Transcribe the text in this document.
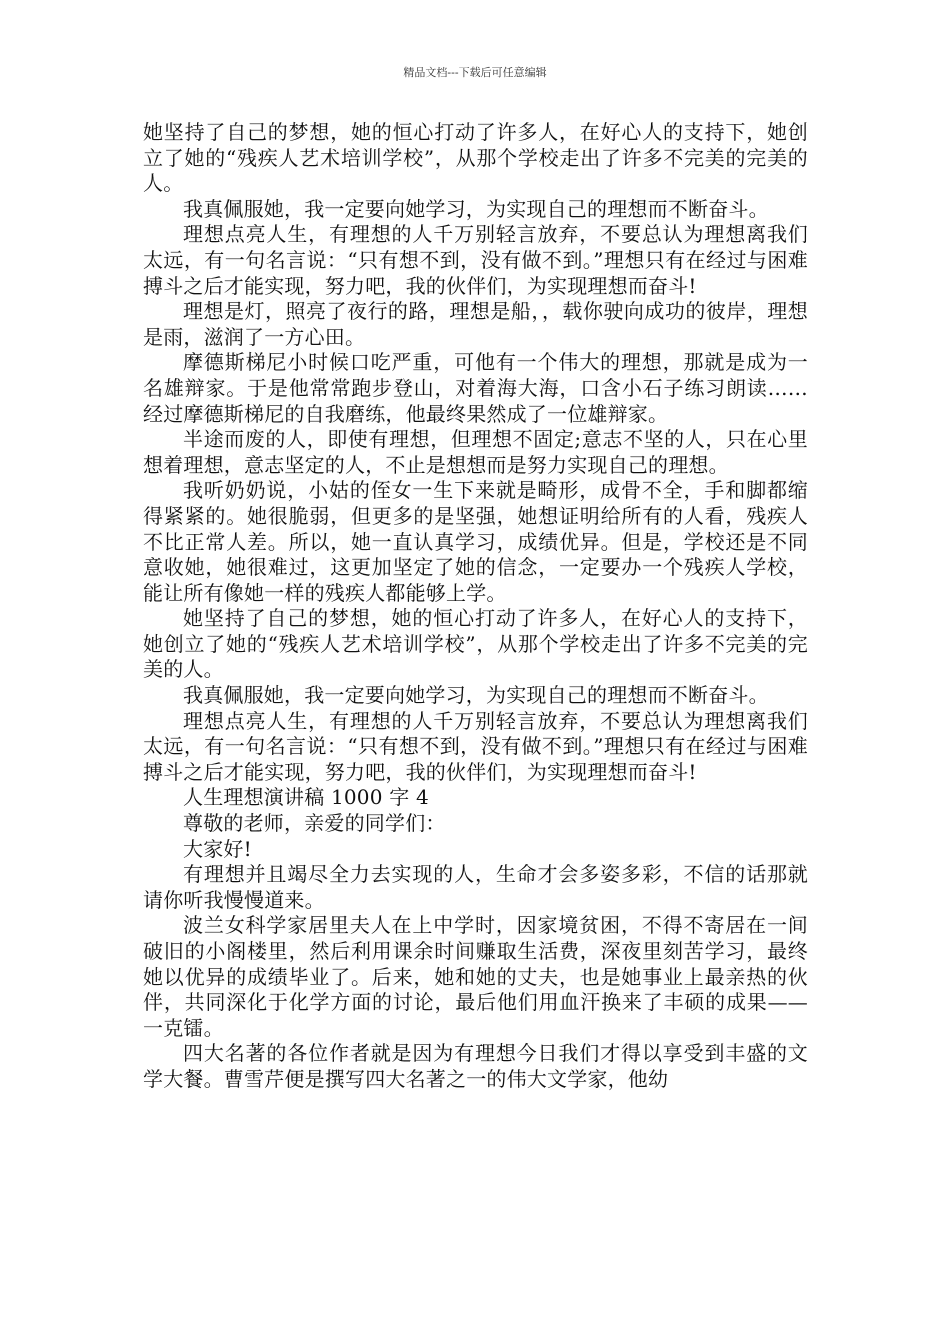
精品文档---下载后可任意编辑

她坚持了自己的梦想，她的恒心打动了许多人，在好心人的支持下，她创立了她的“残疾人艺术培训学校”，从那个学校走出了许多不完美的完美的人。

我真佩服她，我一定要向她学习，为实现自己的理想而不断奋斗。

理想点亮人生，有理想的人千万别轻言放弃，不要总认为理想离我们太远，有一句名言说：“只有想不到，没有做不到。”理想只有在经过与困难搏斗之后才能实现，努力吧，我的伙伴们，为实现理想而奋斗!

理想是灯，照亮了夜行的路，理想是船，，载你驶向成功的彼岸，理想是雨，滋润了一方心田。

摩德斯梯尼小时候口吃严重，可他有一个伟大的理想，那就是成为一名雄辩家。于是他常常跑步登山，对着海大海，口含小石子练习朗读……经过摩德斯梯尼的自我磨练，他最终果然成了一位雄辩家。

半途而废的人，即使有理想，但理想不固定;意志不坚的人，只在心里想着理想，意志坚定的人，不止是想想而是努力实现自己的理想。

我听奶奶说，小姑的侄女一生下来就是畸形，成骨不全，手和脚都缩得紧紧的。她很脆弱，但更多的是坚强，她想证明给所有的人看，残疾人不比正常人差。所以，她一直认真学习，成绩优异。但是，学校还是不同意收她，她很难过，这更加坚定了她的信念，一定要办一个残疾人学校，能让所有像她一样的残疾人都能够上学。

她坚持了自己的梦想，她的恒心打动了许多人，在好心人的支持下，她创立了她的“残疾人艺术培训学校”，从那个学校走出了许多不完美的完美的人。

我真佩服她，我一定要向她学习，为实现自己的理想而不断奋斗。

理想点亮人生，有理想的人千万别轻言放弃，不要总认为理想离我们太远，有一句名言说：“只有想不到，没有做不到。”理想只有在经过与困难搏斗之后才能实现，努力吧，我的伙伴们，为实现理想而奋斗!

人生理想演讲稿 1000 字 4

尊敬的老师，亲爱的同学们：

大家好!

有理想并且竭尽全力去实现的人，生命才会多姿多彩，不信的话那就请你听我慢慢道来。

波兰女科学家居里夫人在上中学时，因家境贫困，不得不寄居在一间破旧的小阁楼里，然后利用课余时间赚取生活费，深夜里刻苦学习，最终她以优异的成绩毕业了。后来，她和她的丈夫，也是她事业上最亲热的伙伴，共同深化于化学方面的讨论，最后他们用血汗换来了丰硕的成果——一克镭。

四大名著的各位作者就是因为有理想今日我们才得以享受到丰盛的文学大餐。曹雪芹便是撰写四大名著之一的伟大文学家，他幼
